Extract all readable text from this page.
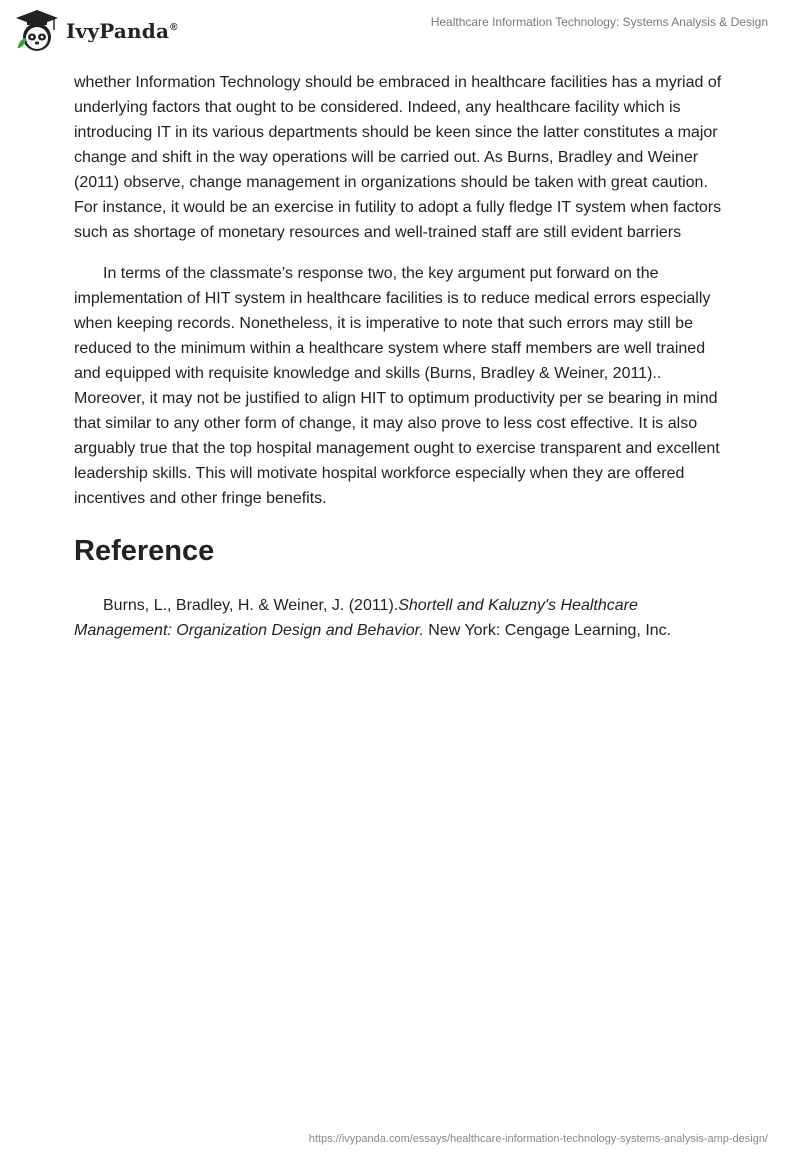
IvyPanda®	Healthcare Information Technology: Systems Analysis & Design

whether Information Technology should be embraced in healthcare facilities has a myriad of underlying factors that ought to be considered. Indeed, any healthcare facility which is introducing IT in its various departments should be keen since the latter constitutes a major change and shift in the way operations will be carried out. As Burns, Bradley and Weiner (2011) observe, change management in organizations should be taken with great caution. For instance, it would be an exercise in futility to adopt a fully fledge IT system when factors such as shortage of monetary resources and well-trained staff are still evident barriers

In terms of the classmate’s response two, the key argument put forward on the implementation of HIT system in healthcare facilities is to reduce medical errors especially when keeping records. Nonetheless, it is imperative to note that such errors may still be reduced to the minimum within a healthcare system where staff members are well trained and equipped with requisite knowledge and skills (Burns, Bradley & Weiner, 2011).. Moreover, it may not be justified to align HIT to optimum productivity per se bearing in mind that similar to any other form of change, it may also prove to less cost effective. It is also arguably true that the top hospital management ought to exercise transparent and excellent leadership skills. This will motivate hospital workforce especially when they are offered incentives and other fringe benefits.

Reference

Burns, L., Bradley, H. & Weiner, J. (2011).Shortell and Kaluzny's Healthcare Management: Organization Design and Behavior. New York: Cengage Learning, Inc.

https://ivypanda.com/essays/healthcare-information-technology-systems-analysis-amp-design/
